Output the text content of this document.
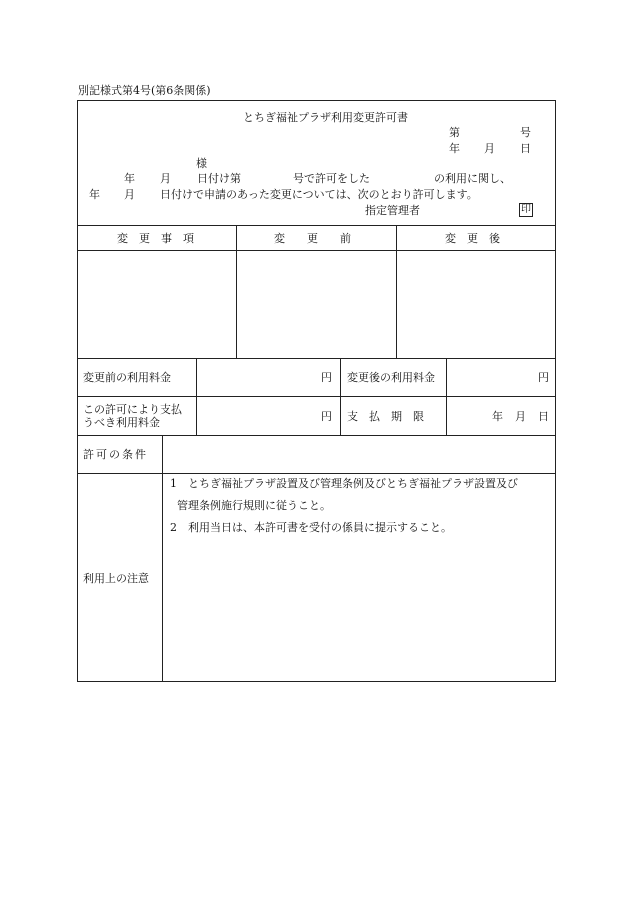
別記様式第4号(第6条関係)
とちぎ福祉プラザ利用変更許可書
第	号
年 月 日
様
年 月 日付け第	号で許可をした	の利用に関し、
年 月 日付けで申請のあった変更については、次のとおり許可します。
指定管理者	印
変　更　事　項	変　　更　　前	変　更　後
変更前の利用料金	円 変更後の利用料金	円
この許可により支払
うべき利用料金	円 支　払　期　限	年 月 日
許可の条件
利用上の注意
1 とちぎ福祉プラザ設置及び管理条例及びとちぎ福祉プラザ設置及び
管理条例施行規則に従うこと。
2 利用当日は、本許可書を受付の係員に提示すること。
